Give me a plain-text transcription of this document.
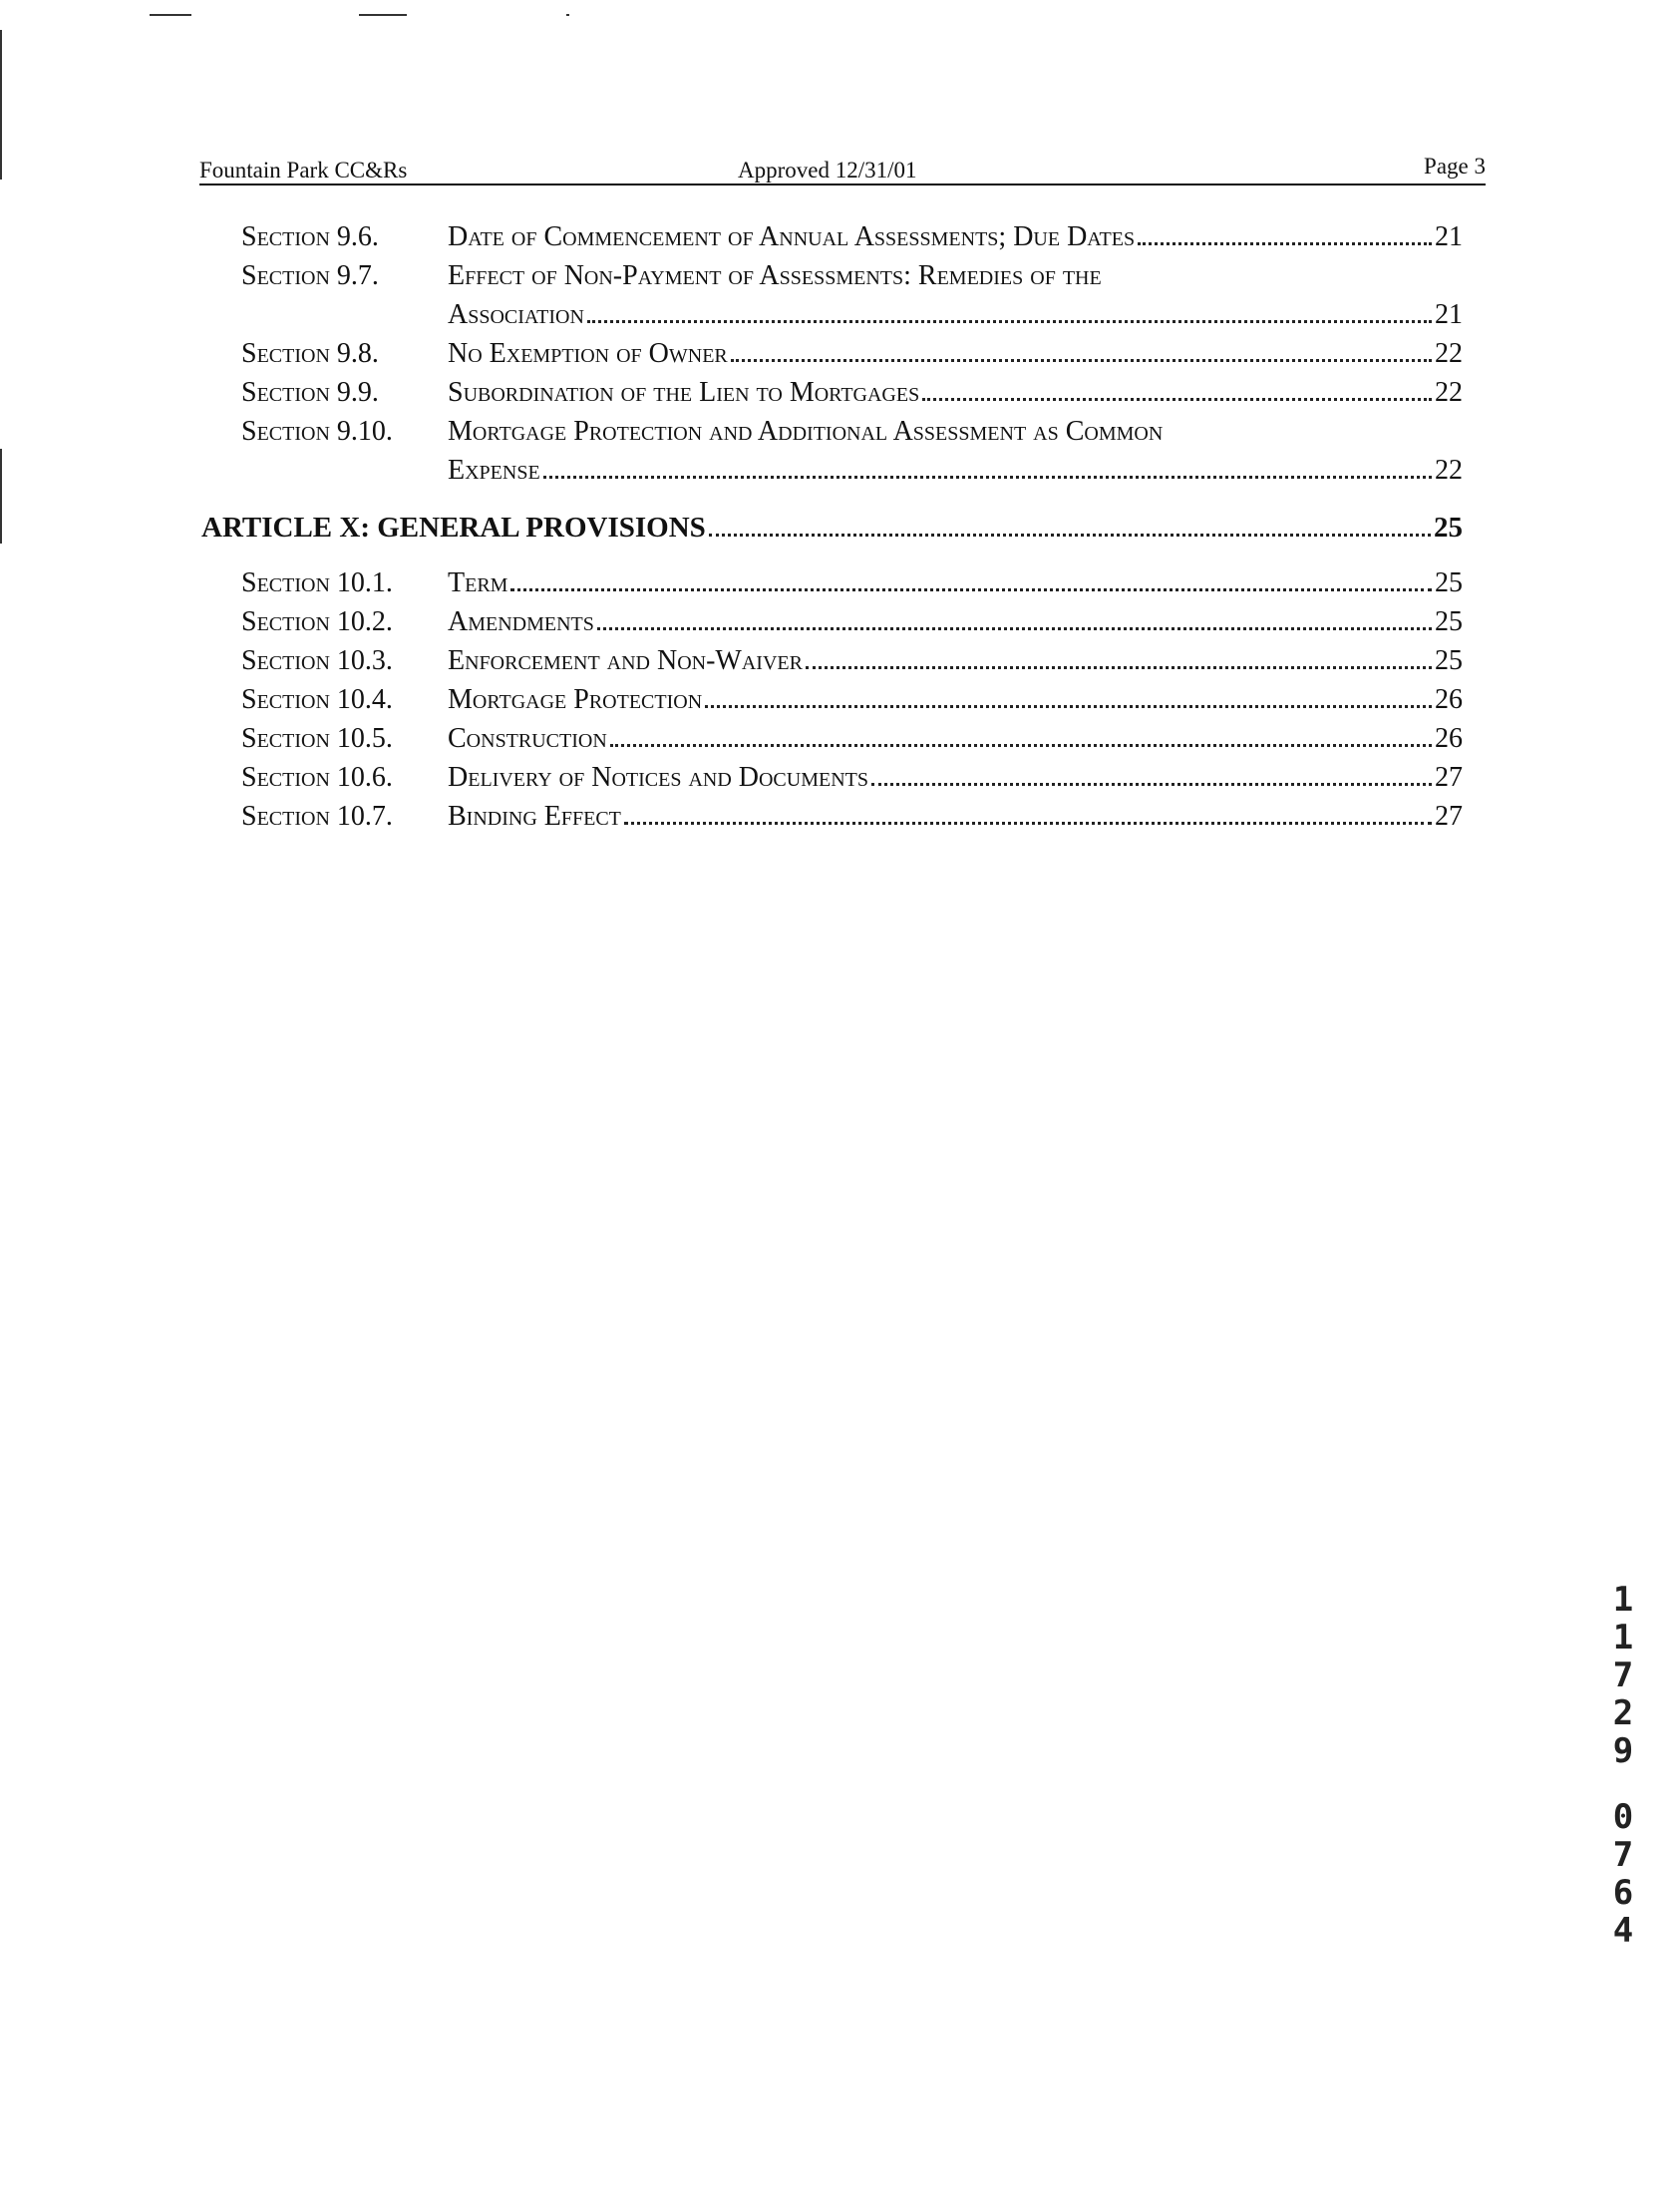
Fountain Park CC&Rs	Approved 12/31/01	Page 3
Section 9.6.	Date of Commencement of Annual Assessments; Due Dates	21
Section 9.7.	Effect of Non-Payment of Assessments: Remedies of the
Association	21
Section 9.8.	No Exemption of Owner	22
Section 9.9.	Subordination of the Lien to Mortgages	22
Section 9.10.	Mortgage Protection and Additional Assessment as Common
Expense	22
ARTICLE X: GENERAL PROVISIONS	25
Section 10.1.	Term	25
Section 10.2.	Amendments	25
Section 10.3.	Enforcement and Non-Waiver	25
Section 10.4.	Mortgage Protection	26
Section 10.5.	Construction	26
Section 10.6.	Delivery of Notices and Documents	27
Section 10.7.	Binding Effect	27
1
1
7
2
9
0
7
6
4
